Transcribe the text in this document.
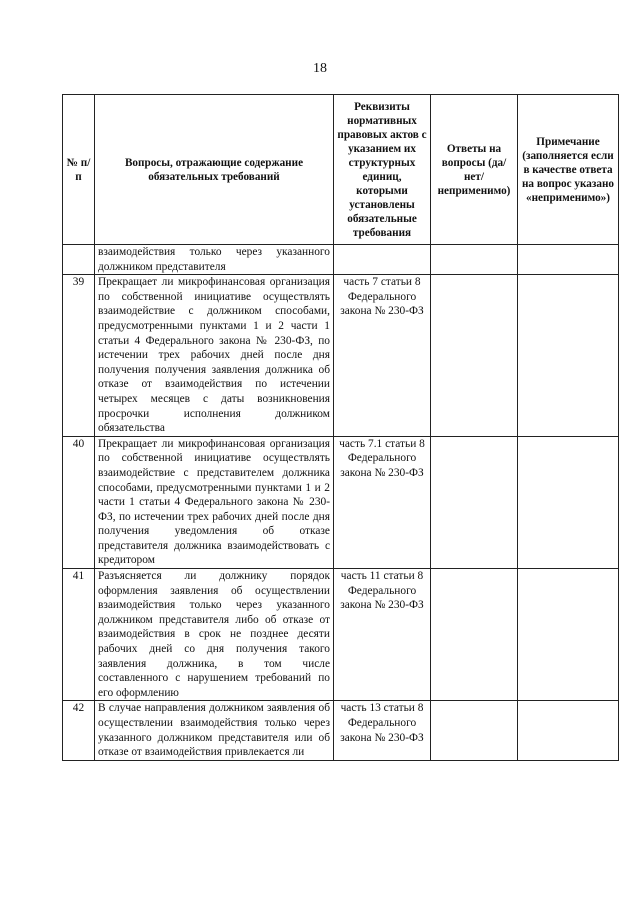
18
№ п/п	Вопросы, отражающие содержание обязательных требований	Реквизиты нормативных правовых актов с указанием их структурных единиц, которыми установлены обязательные требования	Ответы на вопросы (да/нет/ неприменимо)	Примечание (заполняется если в качестве ответа на вопрос указано «неприменимо»)
	взаимодействия только через указанного должником представителя			
39	Прекращает ли микрофинансовая организация по собственной инициативе осуществлять взаимодействие с должником способами, предусмотренными пунктами 1 и 2 части 1 статьи 4 Федерального закона № 230-ФЗ, по истечении трех рабочих дней после дня получения получения заявления должника об отказе от взаимодействия по истечении четырех месяцев с даты возникновения просрочки исполнения должником обязательства	часть 7 статьи 8 Федерального закона № 230-ФЗ		
40	Прекращает ли микрофинансовая организация по собственной инициативе осуществлять взаимодействие с представителем должника способами, предусмотренными пунктами 1 и 2 части 1 статьи 4 Федерального закона № 230-ФЗ, по истечении трех рабочих дней после дня получения уведомления об отказе представителя должника взаимодействовать с кредитором	часть 7.1 статьи 8 Федерального закона № 230-ФЗ		
41	Разъясняется ли должнику порядок оформления заявления об осуществлении взаимодействия только через указанного должником представителя либо об отказе от взаимодействия в срок не позднее десяти рабочих дней со дня получения такого заявления должника, в том числе составленного с нарушением требований по его оформлению	часть 11 статьи 8 Федерального закона № 230-ФЗ		
42	В случае направления должником заявления об осуществлении взаимодействия только через указанного должником представителя или об отказе от взаимодействия привлекается ли	часть 13 статьи 8 Федерального закона № 230-ФЗ		
